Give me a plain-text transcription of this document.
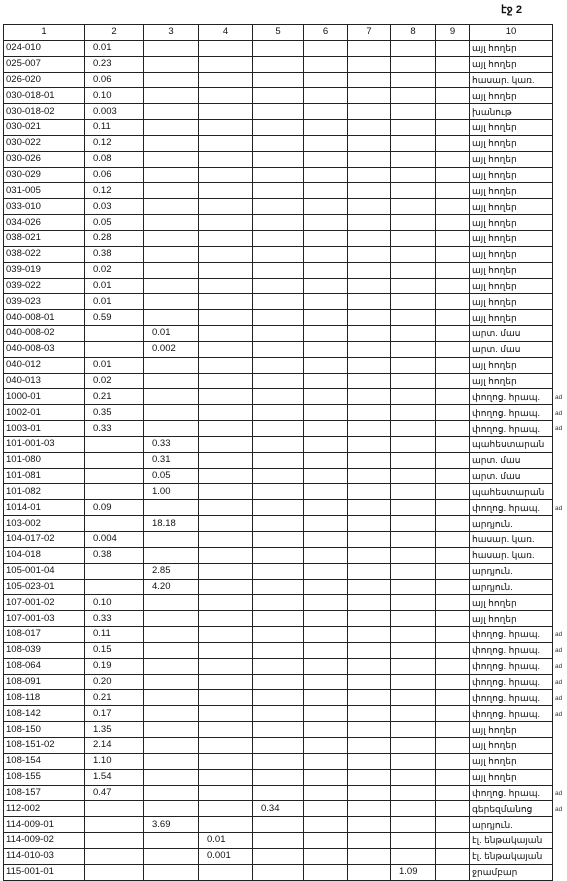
էջ 2
1	2	3	4	5	6	7	8	9	10
024-010	0.01								այլ հողեր
025-007	0.23								այլ հողեր
026-020	0.06								հասար. կառ.
030-018-01	0.10								այլ հողեր
030-018-02	0.003								խանութ
030-021	0.11								այլ հողեր
030-022	0.12								այլ հողեր
030-026	0.08								այլ հողեր
030-029	0.06								այլ հողեր
031-005	0.12								այլ հողեր
033-010	0.03								այլ հողեր
034-026	0.05								այլ հողեր
038-021	0.28								այլ հողեր
038-022	0.38								այլ հողեր
039-019	0.02								այլ հողեր
039-022	0.01								այլ հողեր
039-023	0.01								այլ հողեր
040-008-01	0.59								այլ հողեր
040-008-02		0.01							արտ. մաս
040-008-03		0.002							արտ. մաս
040-012	0.01								այլ հողեր
040-013	0.02								այլ հողեր
1000-01	0.21								փողոց. հրապ.
1002-01	0.35								փողոց. հրապ.
1003-01	0.33								փողոց. հրապ.
101-001-03		0.33							պահեստարան
101-080		0.31							արտ. մաս
101-081		0.05							արտ. մաս
101-082		1.00							պահեստարան
1014-01	0.09								փողոց. հրապ.
103-002		18.18							արդյուն.
104-017-02	0.004								հասար. կառ.
104-018	0.38								հասար. կառ.
105-001-04		2.85							արդյուն.
105-023-01		4.20							արդյուն.
107-001-02	0.10								այլ հողեր
107-001-03	0.33								այլ հողեր
108-017	0.11								փողոց. հրապ.
108-039	0.15								փողոց. հրապ.
108-064	0.19								փողոց. հրապ.
108-091	0.20								փողոց. հրապ.
108-118	0.21								փողոց. հրապ.
108-142	0.17								փողոց. հրապ.
108-150	1.35								այլ հողեր
108-151-02	2.14								այլ հողեր
108-154	1.10								այլ հողեր
108-155	1.54								այլ հողեր
108-157	0.47								փողոց. հրապ.
112-002				0.34					գերեզմանոց
114-009-01		3.69							արդյուն.
114-009-02			0.01						էլ. ենթակայան
114-010-03			0.001						էլ. ենթակայան
115-001-01							1.09		ջրամբար
ad
ad
ad
ad
ad
ad
ad
ad
ad
ad
ad
ad
